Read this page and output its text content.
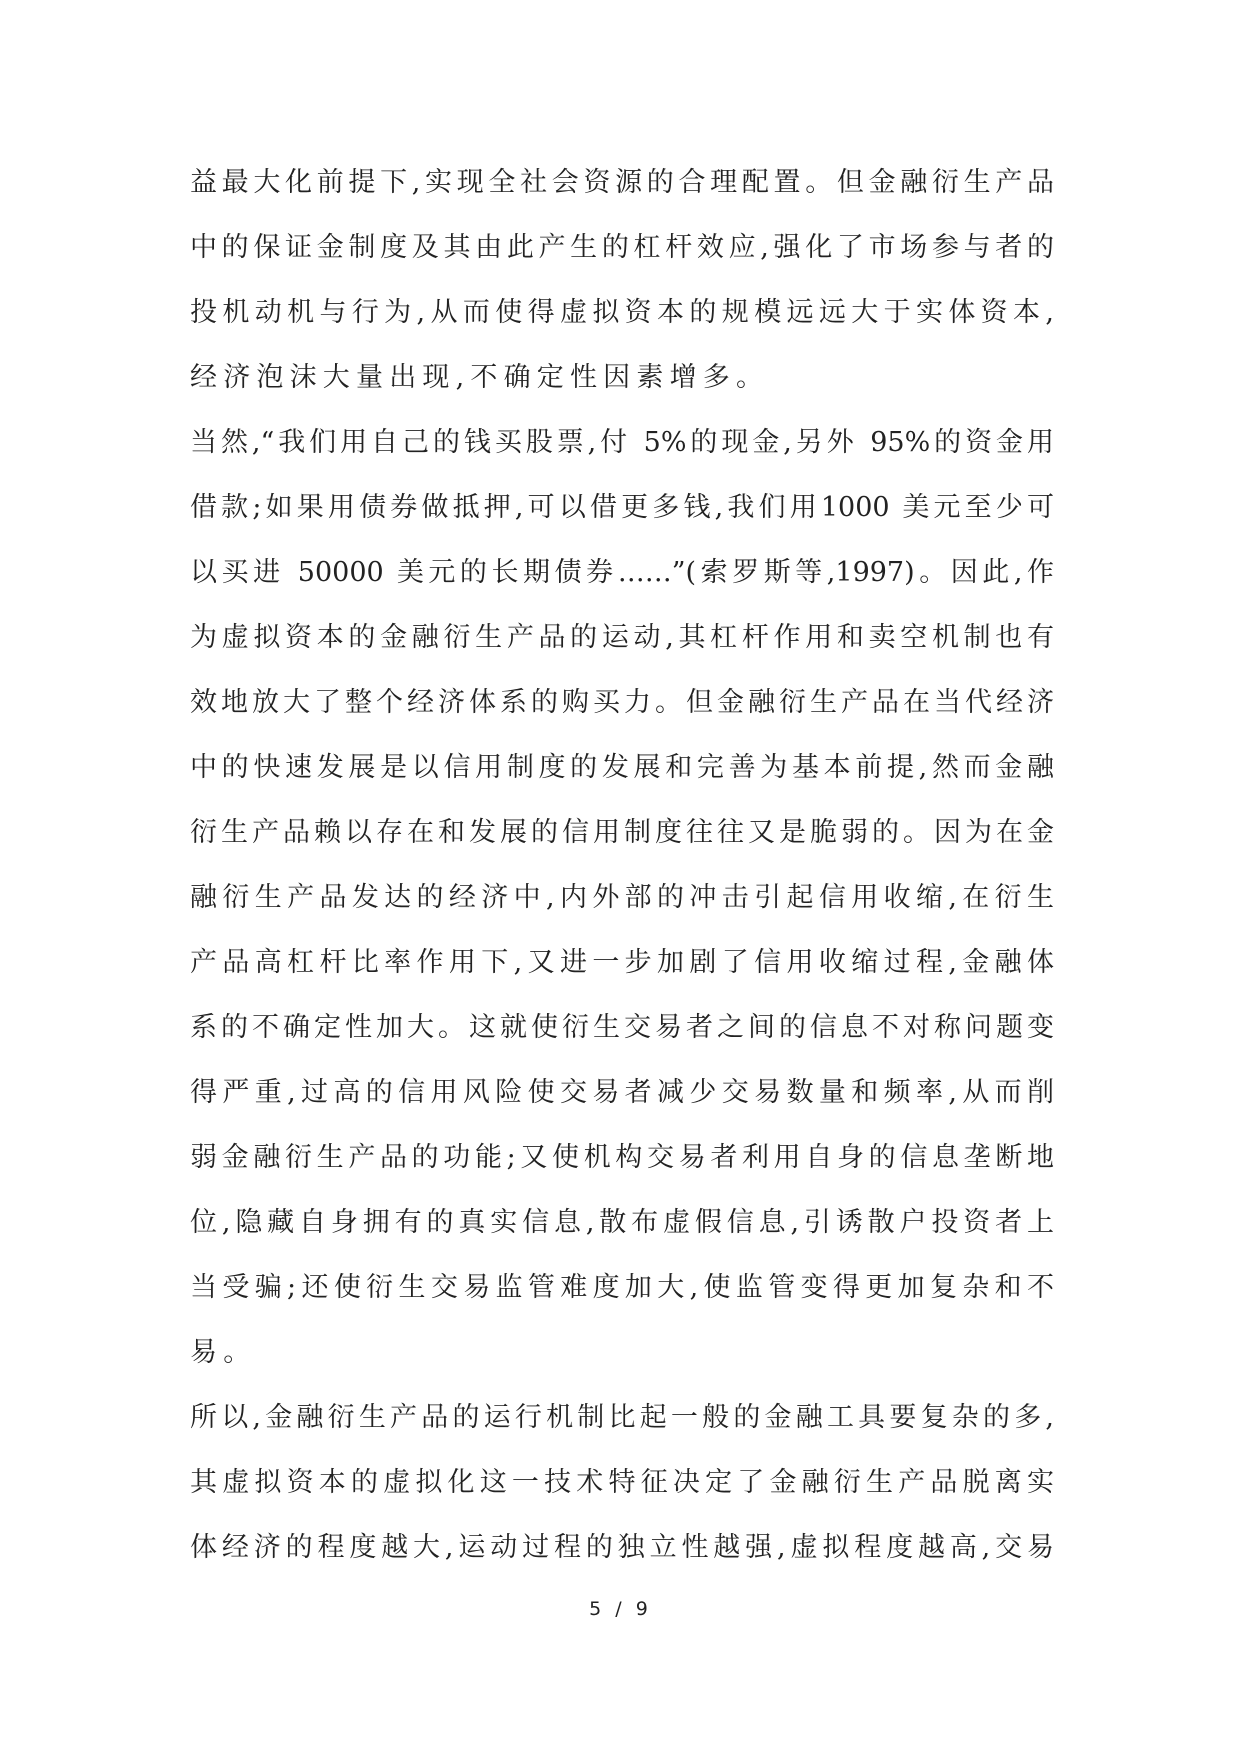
益最大化前提下,实现全社会资源的合理配置。但金融衍生产品
中的保证金制度及其由此产生的杠杆效应,强化了市场参与者的
投机动机与行为,从而使得虚拟资本的规模远远大于实体资本,
经济泡沫大量出现,不确定性因素增多。
当然,“我们用自己的钱买股票,付 5%的现金,另外 95%的资金用
借款;如果用债券做抵押,可以借更多钱,我们用1000 美元至少可
以买进 50000 美元的长期债券……”(索罗斯等,1997)。因此,作
为虚拟资本的金融衍生产品的运动,其杠杆作用和卖空机制也有
效地放大了整个经济体系的购买力。但金融衍生产品在当代经济
中的快速发展是以信用制度的发展和完善为基本前提,然而金融
衍生产品赖以存在和发展的信用制度往往又是脆弱的。因为在金
融衍生产品发达的经济中,内外部的冲击引起信用收缩,在衍生
产品高杠杆比率作用下,又进一步加剧了信用收缩过程,金融体
系的不确定性加大。这就使衍生交易者之间的信息不对称问题变
得严重,过高的信用风险使交易者减少交易数量和频率,从而削
弱金融衍生产品的功能;又使机构交易者利用自身的信息垄断地
位,隐藏自身拥有的真实信息,散布虚假信息,引诱散户投资者上
当受骗;还使衍生交易监管难度加大,使监管变得更加复杂和不
易。
所以,金融衍生产品的运行机制比起一般的金融工具要复杂的多,
其虚拟资本的虚拟化这一技术特征决定了金融衍生产品脱离实
体经济的程度越大,运动过程的独立性越强,虚拟程度越高,交易
5 / 9
